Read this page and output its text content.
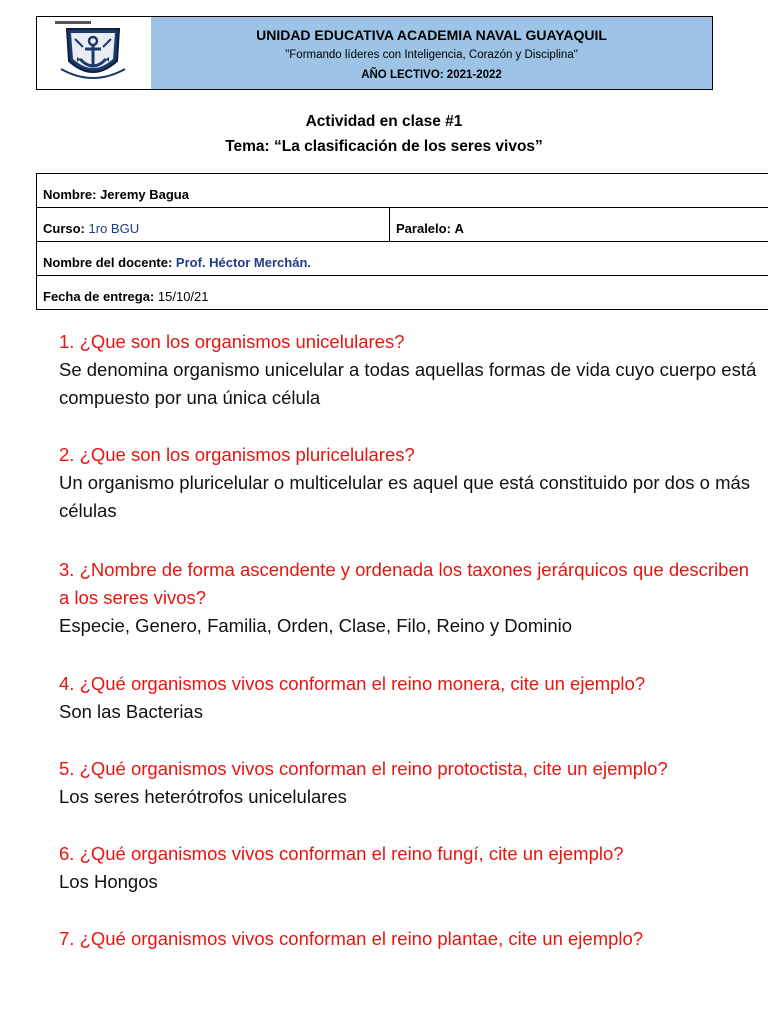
UNIDAD EDUCATIVA ACADEMIA NAVAL GUAYAQUIL
"Formando líderes con Inteligencia, Corazón y Disciplina"
AÑO LECTIVO: 2021-2022
Actividad en clase #1
Tema: “La clasificación de los seres vivos”
Nombre: Jeremy Bagua
Curso: 1ro BGU	Paralelo: A
Nombre del docente: Prof. Héctor Merchán.
Fecha de entrega: 15/10/21
1. ¿Que son los organismos unicelulares?
Se denomina organismo unicelular a todas aquellas formas de vida cuyo cuerpo está compuesto por una única célula
2. ¿Que son los organismos pluricelulares?
Un organismo pluricelular o multicelular es aquel que está constituido por dos o más células
3. ¿Nombre de forma ascendente y ordenada los taxones jerárquicos que describen a los seres vivos?
Especie, Genero, Familia, Orden, Clase, Filo, Reino y Dominio
4. ¿Qué organismos vivos conforman el reino monera, cite un ejemplo?
Son las Bacterias
5. ¿Qué organismos vivos conforman el reino protoctista, cite un ejemplo?
Los seres heterótrofos unicelulares
6. ¿Qué organismos vivos conforman el reino fungí, cite un ejemplo?
Los Hongos
7. ¿Qué organismos vivos conforman el reino plantae, cite un ejemplo?
